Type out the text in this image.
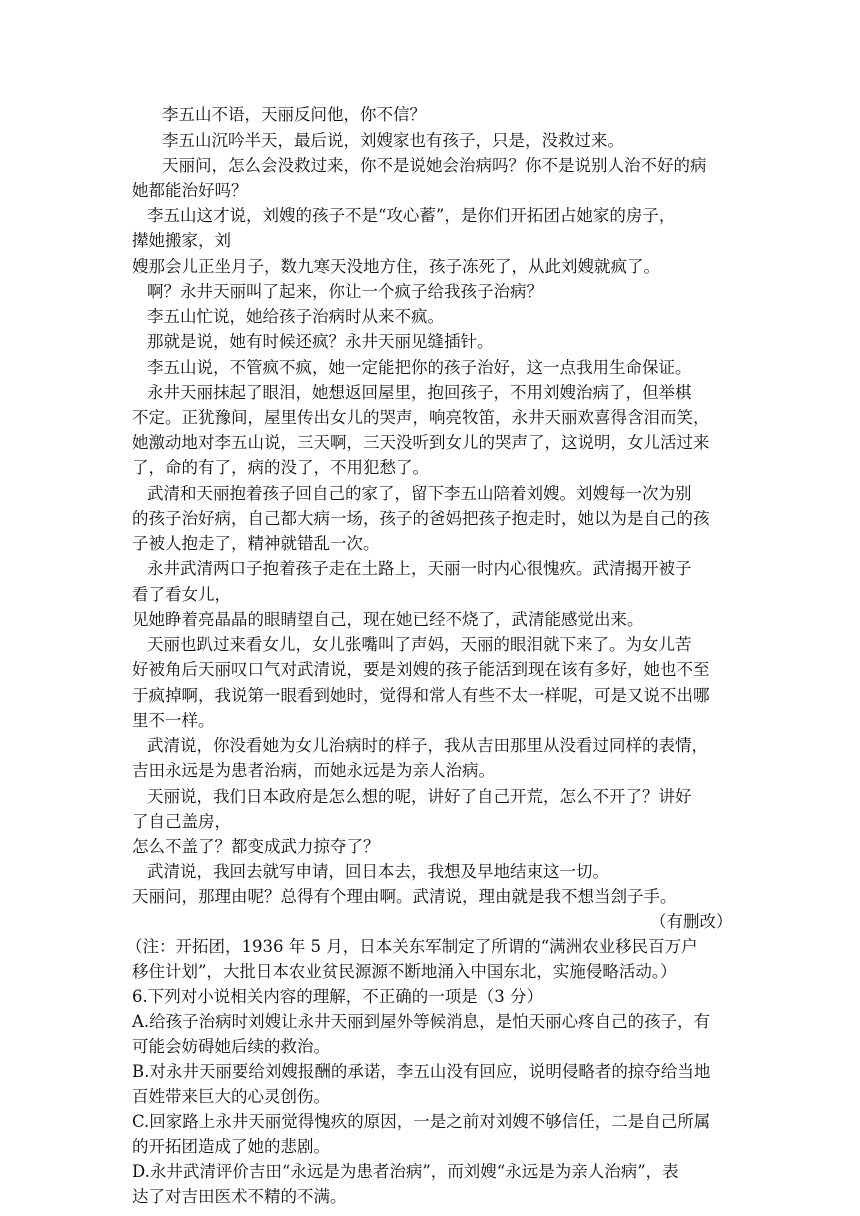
李五山不语，天丽反问他，你不信？
李五山沉吟半天，最后说，刘嫂家也有孩子，只是，没救过来。
天丽问，怎么会没救过来，你不是说她会治病吗？你不是说别人治不好的病
她都能治好吗？
李五山这才说，刘嫂的孩子不是“攻心蓄”，是你们开拓团占她家的房子，
撵她搬家，刘
嫂那会儿正坐月子，数九寒天没地方住，孩子冻死了，从此刘嫂就疯了。
啊？永井天丽叫了起来，你让一个疯子给我孩子治病？
李五山忙说，她给孩子治病时从来不疯。
那就是说，她有时候还疯？永井天丽见缝插针。
李五山说，不管疯不疯，她一定能把你的孩子治好，这一点我用生命保证。
永井天丽抹起了眼泪，她想返回屋里，抱回孩子，不用刘嫂治病了，但举棋
不定。正犹豫间，屋里传出女儿的哭声，响亮牧笛，永井天丽欢喜得含泪而笑，
她激动地对李五山说，三天啊，三天没听到女儿的哭声了，这说明，女儿活过来
了，命的有了，病的没了，不用犯愁了。
武清和天丽抱着孩子回自己的家了，留下李五山陪着刘嫂。刘嫂每一次为别
的孩子治好病，自己都大病一场，孩子的爸妈把孩子抱走时，她以为是自己的孩
子被人抱走了，精神就错乱一次。
永井武清两口子抱着孩子走在土路上，天丽一时内心很愧疚。武清揭开被子
看了看女儿，
见她睁着亮晶晶的眼睛望自己，现在她已经不烧了，武清能感觉出来。
天丽也趴过来看女儿，女儿张嘴叫了声妈，天丽的眼泪就下来了。为女儿苦
好被角后天丽叹口气对武清说，要是刘嫂的孩子能活到现在该有多好，她也不至
于疯掉啊，我说第一眼看到她时，觉得和常人有些不太一样呢，可是又说不出哪
里不一样。
武清说，你没看她为女儿治病时的样子，我从吉田那里从没看过同样的表情，
吉田永远是为患者治病，而她永远是为亲人治病。
天丽说，我们日本政府是怎么想的呢，讲好了自己开荒，怎么不开了？讲好
了自己盖房，
怎么不盖了？都变成武力掠夺了？
武清说，我回去就写申请，回日本去，我想及早地结束这一切。
天丽问，那理由呢？总得有个理由啊。武清说，理由就是我不想当刽子手。
（有删改）
（注：开拓团，1936 年 5 月，日本关东军制定了所谓的“满洲农业移民百万户
移住计划”，大批日本农业贫民源源不断地涌入中国东北，实施侵略活动。）
6.下列对小说相关内容的理解，不正确的一项是（3 分）
A.给孩子治病时刘嫂让永井天丽到屋外等候消息，是怕天丽心疼自己的孩子，有
可能会妨碍她后续的救治。
B.对永井天丽要给刘嫂报酬的承诺，李五山没有回应，说明侵略者的掠夺给当地
百姓带来巨大的心灵创伤。
C.回家路上永井天丽觉得愧疚的原因，一是之前对刘嫂不够信任，二是自己所属
的开拓团造成了她的悲剧。
D.永井武清评价吉田“永远是为患者治病”，而刘嫂“永远是为亲人治病”，表
达了对吉田医术不精的不满。
